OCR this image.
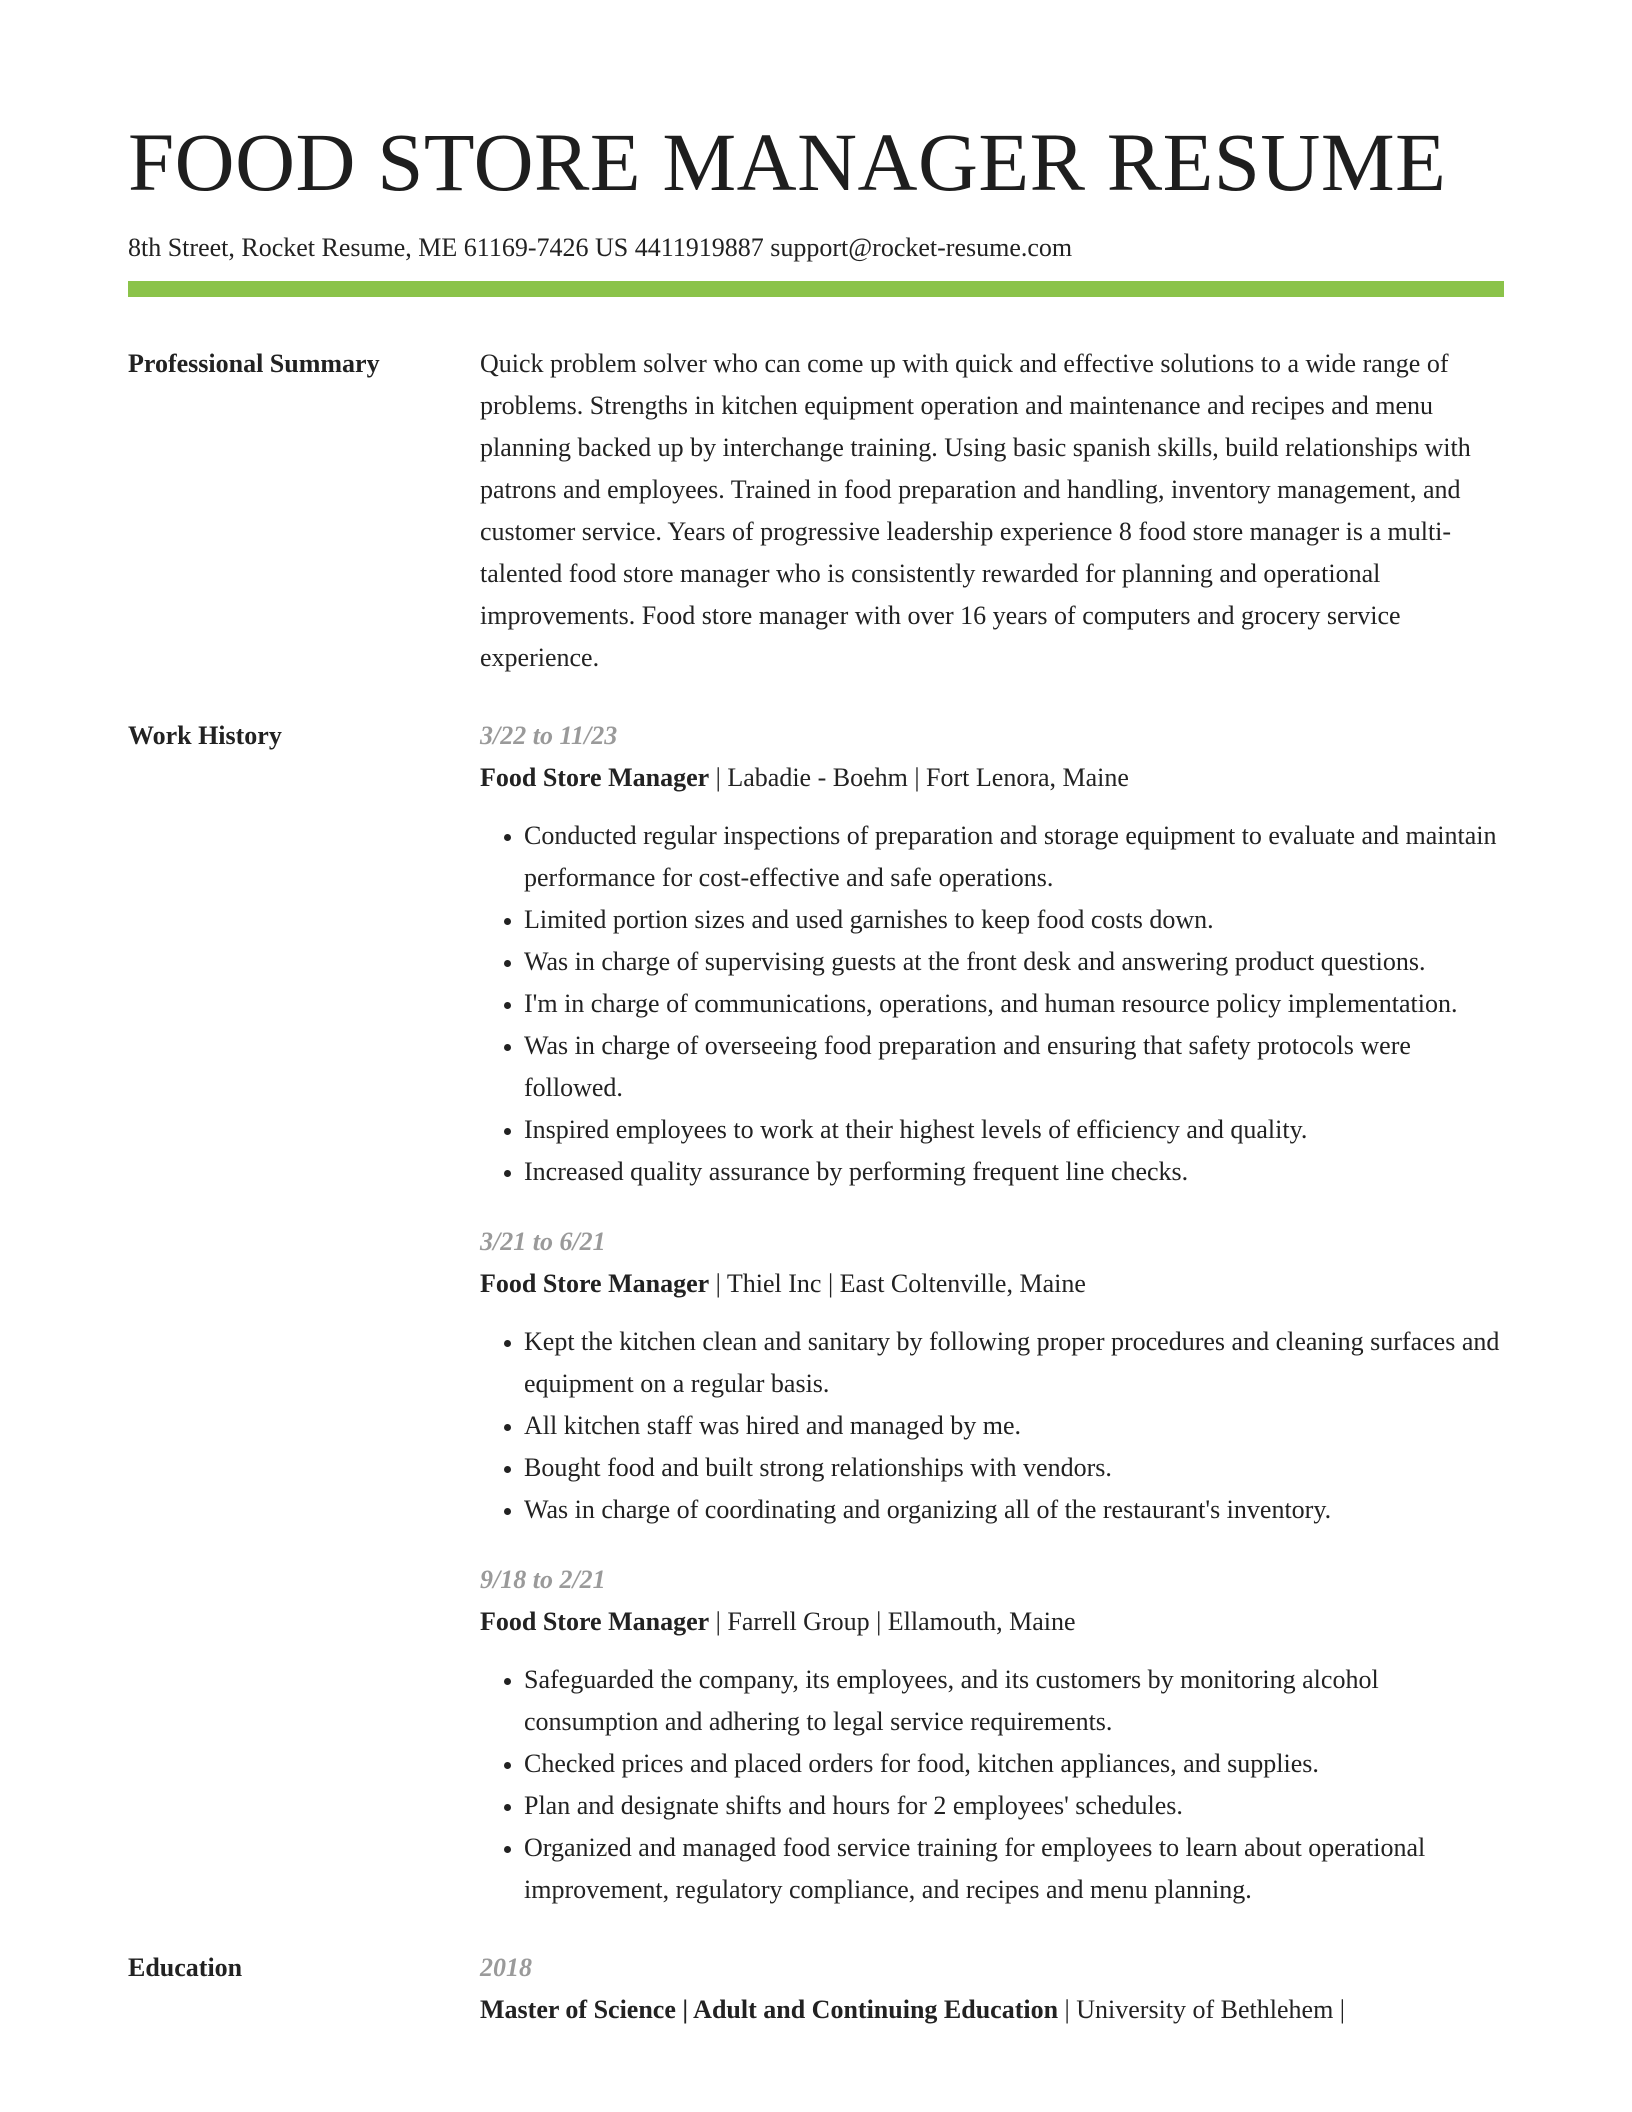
FOOD STORE MANAGER RESUME
8th Street, Rocket Resume, ME 61169-7426 US 4411919887 support@rocket-resume.com
Professional Summary	Quick problem solver who can come up with quick and effective solutions to a wide range of problems. Strengths in kitchen equipment operation and maintenance and recipes and menu planning backed up by interchange training. Using basic spanish skills, build relationships with patrons and employees. Trained in food preparation and handling, inventory management, and customer service. Years of progressive leadership experience 8 food store manager is a multi-talented food store manager who is consistently rewarded for planning and operational improvements. Food store manager with over 16 years of computers and grocery service experience.

Work History	3/22 to 11/23
Food Store Manager | Labadie - Boehm | Fort Lenora, Maine
• Conducted regular inspections of preparation and storage equipment to evaluate and maintain performance for cost-effective and safe operations.
• Limited portion sizes and used garnishes to keep food costs down.
• Was in charge of supervising guests at the front desk and answering product questions.
• I'm in charge of communications, operations, and human resource policy implementation.
• Was in charge of overseeing food preparation and ensuring that safety protocols were followed.
• Inspired employees to work at their highest levels of efficiency and quality.
• Increased quality assurance by performing frequent line checks.
3/21 to 6/21
Food Store Manager | Thiel Inc | East Coltenville, Maine
• Kept the kitchen clean and sanitary by following proper procedures and cleaning surfaces and equipment on a regular basis.
• All kitchen staff was hired and managed by me.
• Bought food and built strong relationships with vendors.
• Was in charge of coordinating and organizing all of the restaurant's inventory.
9/18 to 2/21
Food Store Manager | Farrell Group | Ellamouth, Maine
• Safeguarded the company, its employees, and its customers by monitoring alcohol consumption and adhering to legal service requirements.
• Checked prices and placed orders for food, kitchen appliances, and supplies.
• Plan and designate shifts and hours for 2 employees' schedules.
• Organized and managed food service training for employees to learn about operational improvement, regulatory compliance, and recipes and menu planning.
Education	2018
Master of Science | Adult and Continuing Education | University of Bethlehem |
